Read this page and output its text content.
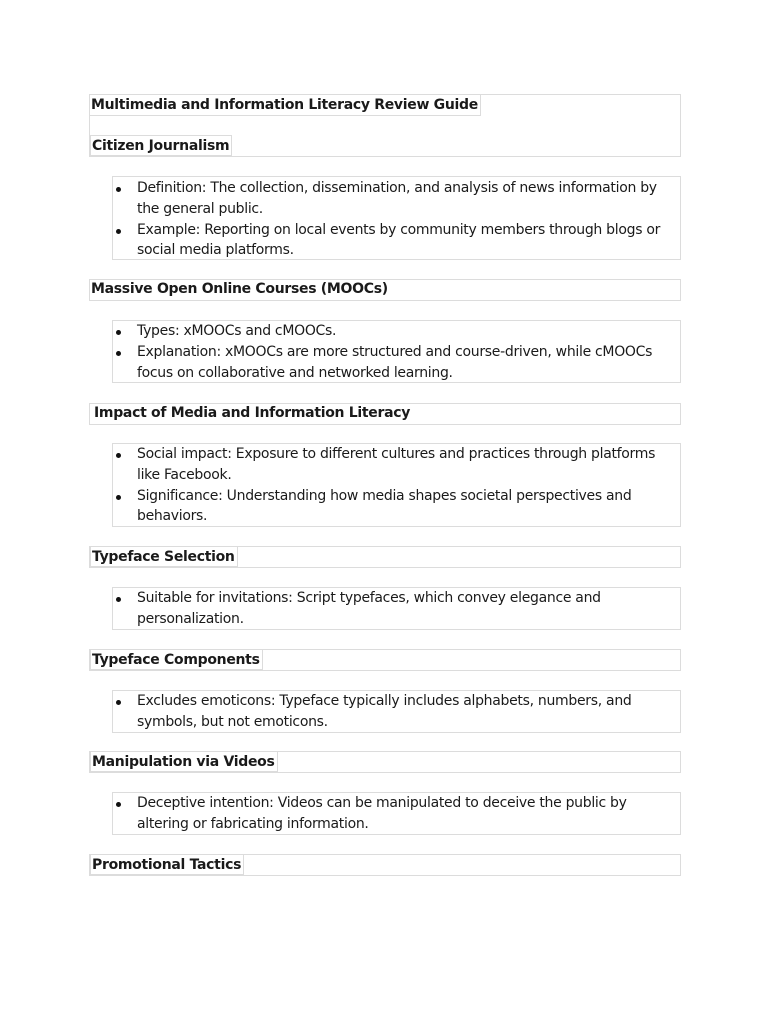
Multimedia and Information Literacy Review Guide
Citizen Journalism
Definition: The collection, dissemination, and analysis of news information by the general public.
Example: Reporting on local events by community members through blogs or social media platforms.
Massive Open Online Courses (MOOCs)
Types: xMOOCs and cMOOCs.
Explanation: xMOOCs are more structured and course-driven, while cMOOCs focus on collaborative and networked learning.
Impact of Media and Information Literacy
Social impact: Exposure to different cultures and practices through platforms like Facebook.
Significance: Understanding how media shapes societal perspectives and behaviors.
Typeface Selection
Suitable for invitations: Script typefaces, which convey elegance and personalization.
Typeface Components
Excludes emoticons: Typeface typically includes alphabets, numbers, and symbols, but not emoticons.
Manipulation via Videos
Deceptive intention: Videos can be manipulated to deceive the public by altering or fabricating information.
Promotional Tactics
